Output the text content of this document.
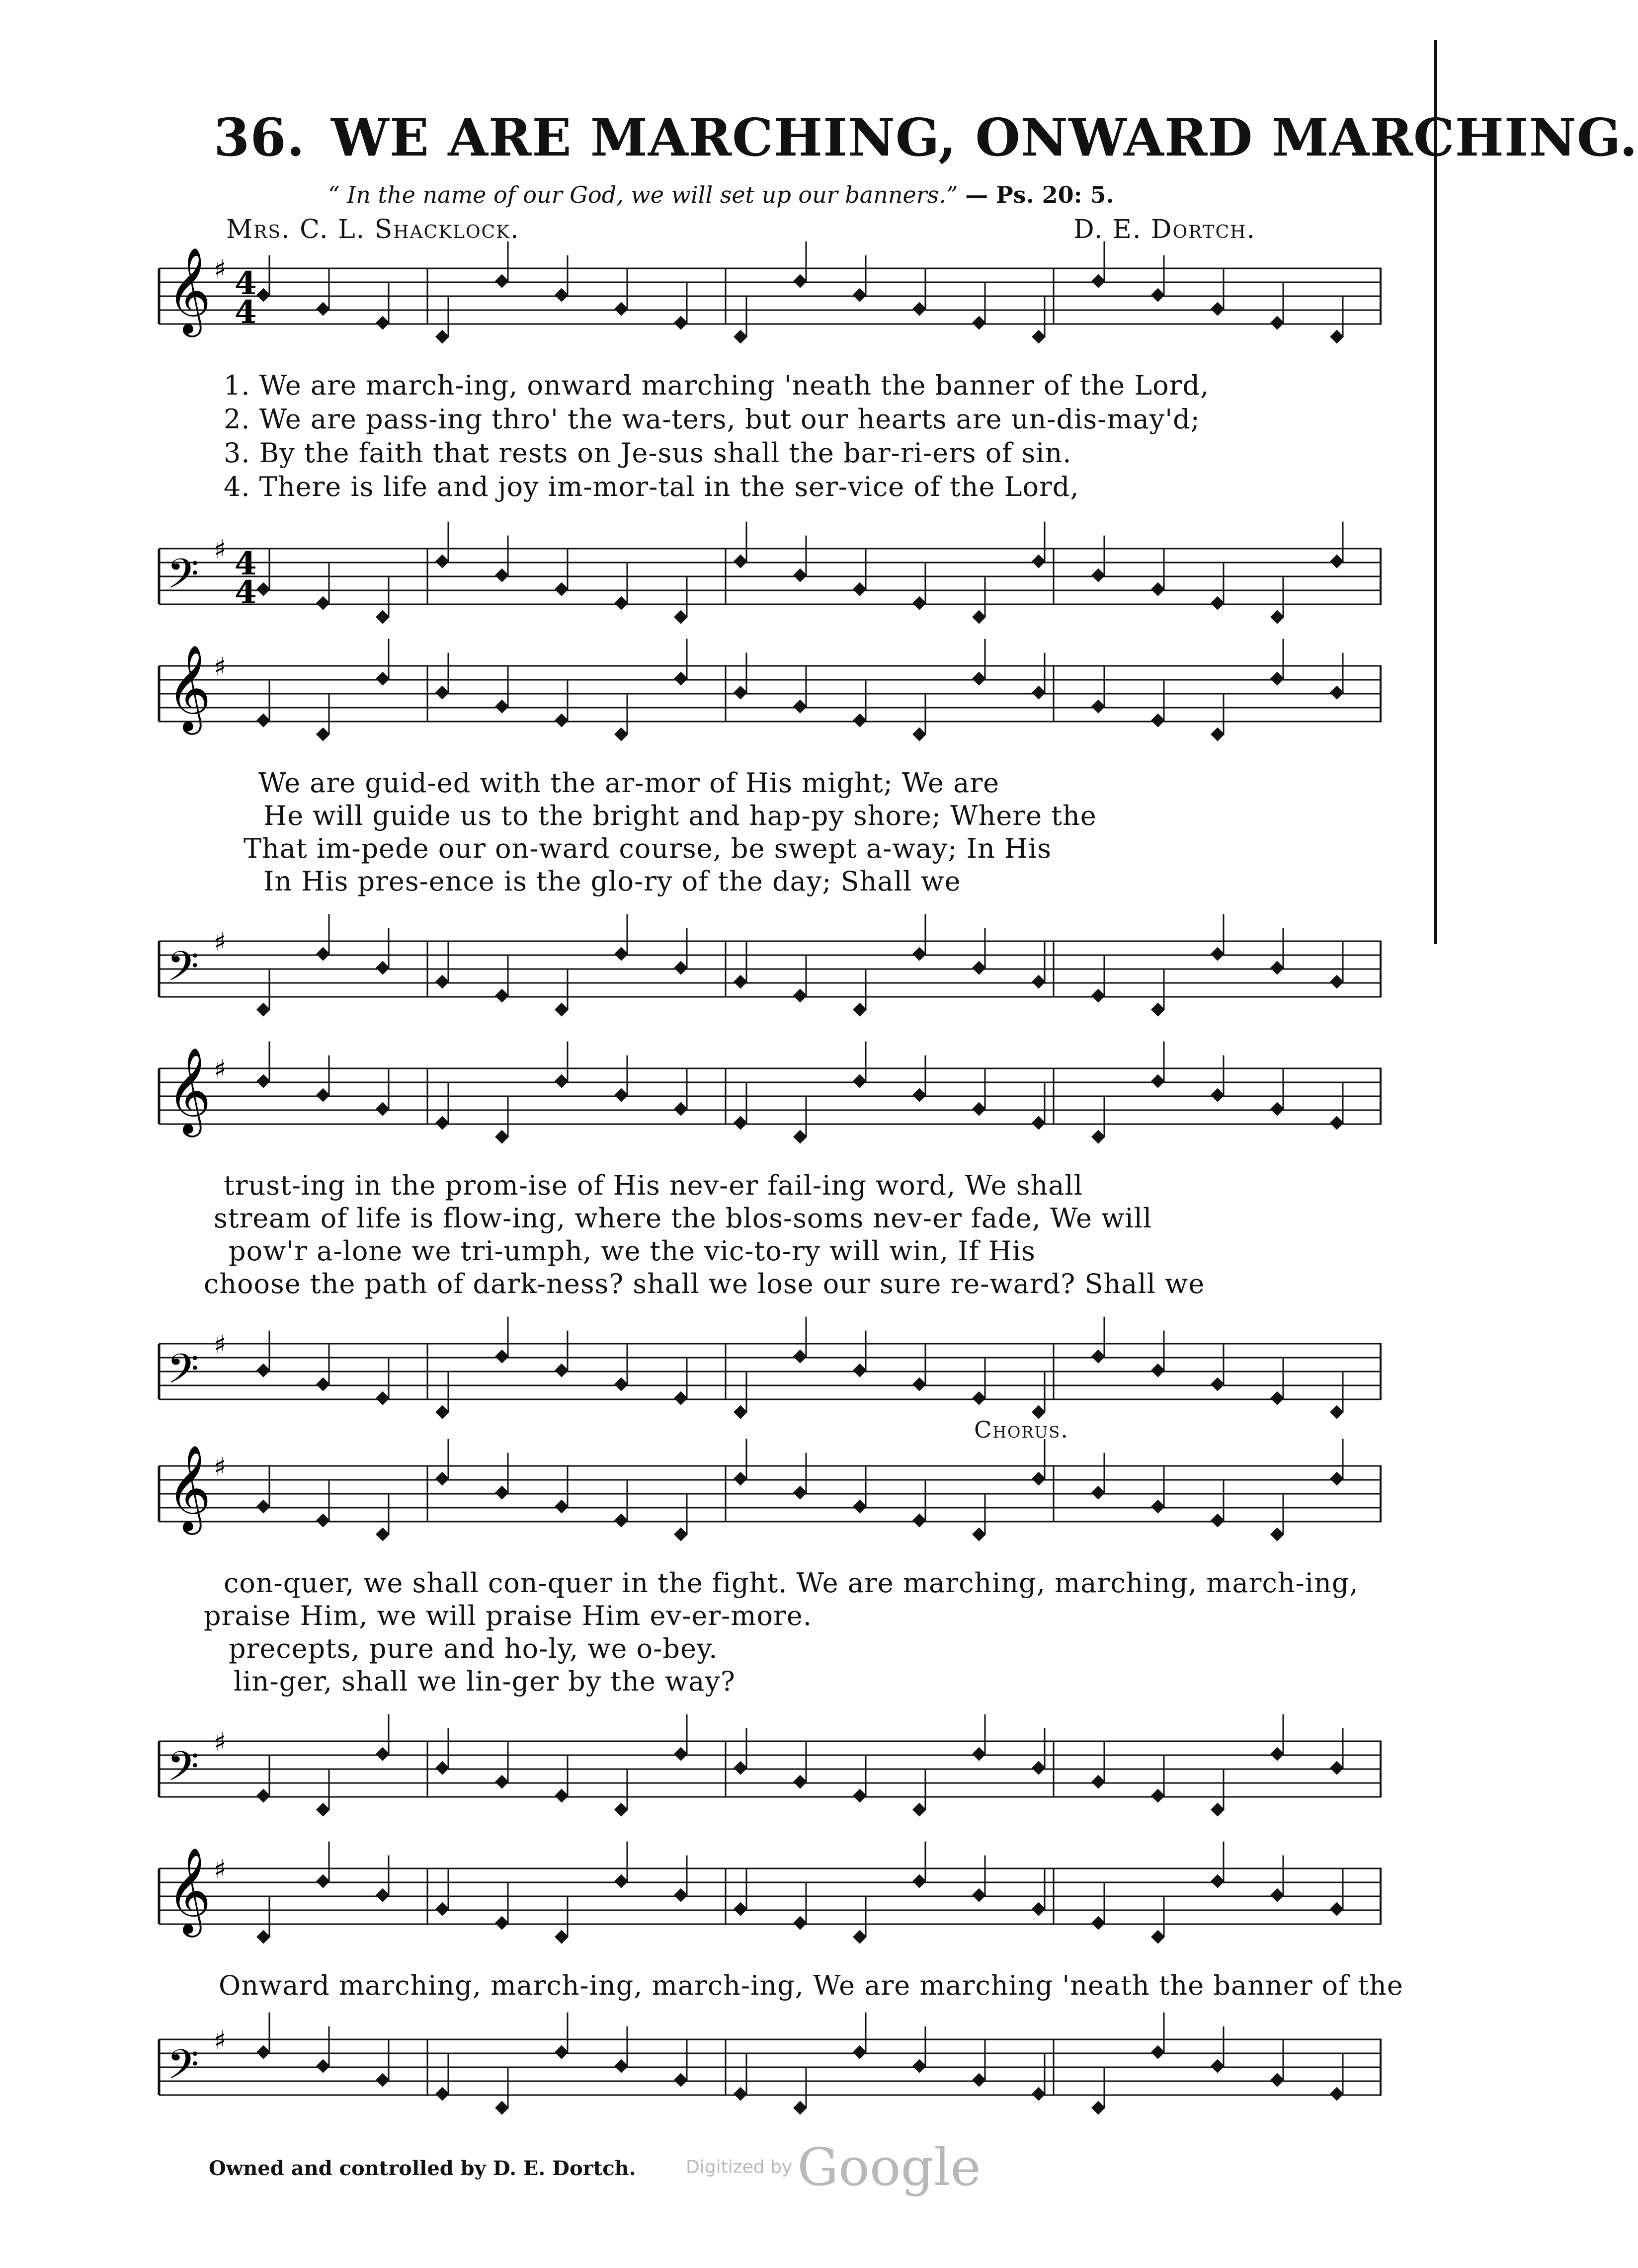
36. WE ARE MARCHING, ONWARD MARCHING.
“ In the name of our God, we will set up our banners.” — Ps. 20: 5.
Mrs. C. L. Shacklock.	D. E. Dortch.
𝄞 ♯ 4
4
1. We are march-ing, onward marching 'neath the banner of the Lord,
2. We are pass-ing thro' the wa-ters, but our hearts are un-dis-may'd;
3. By the faith that rests on Je-sus shall the bar-ri-ers of sin.
4. There is life and joy im-mor-tal in the ser-vice of the Lord,
𝄢 ♯ 4
4
𝄞 ♯
We are guid-ed with the ar-mor of His might; We are
He will guide us to the bright and hap-py shore; Where the
That im-pede our on-ward course, be swept a-way; In His
In His pres-ence is the glo-ry of the day; Shall we
𝄢 ♯
𝄞 ♯
trust-ing in the prom-ise of His nev-er fail-ing word, We shall
stream of life is flow-ing, where the blos-soms nev-er fade, We will
pow'r a-lone we tri-umph, we the vic-to-ry will win, If His
choose the path of dark-ness? shall we lose our sure re-ward? Shall we
𝄢 ♯
Chorus.
𝄞 ♯
con-quer, we shall con-quer in the fight. We are marching, marching, march-ing,
praise Him, we will praise Him ev-er-more.
precepts, pure and ho-ly, we o-bey.
lin-ger, shall we lin-ger by the way?
𝄢 ♯
𝄞 ♯
Onward marching, march-ing, march-ing, We are marching 'neath the banner of the
𝄢 ♯
Owned and controlled by D. E. Dortch.	Digitized byGoogle
